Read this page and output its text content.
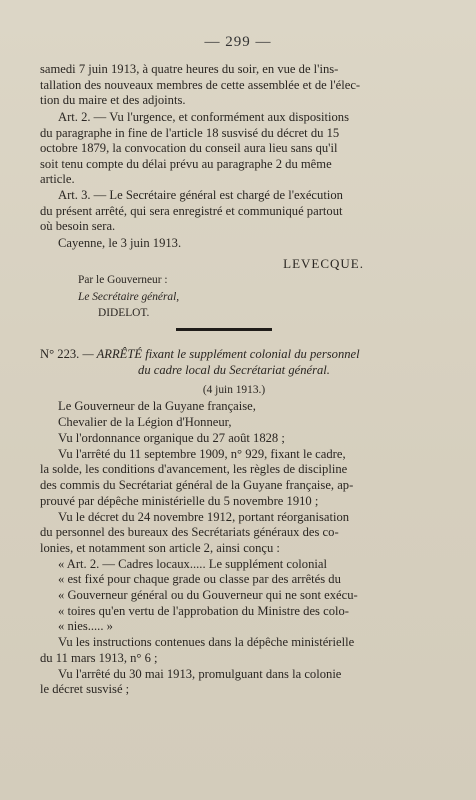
— 299 —
samedi 7 juin 1913, à quatre heures du soir, en vue de l'ins-
tallation des nouveaux membres de cette assemblée et de l'élec-
tion du maire et des adjoints.
Art. 2. — Vu l'urgence, et conformément aux dispositions
du paragraphe in fine de l'article 18 susvisé du décret du 15
octobre 1879, la convocation du conseil aura lieu sans qu'il
soit tenu compte du délai prévu au paragraphe 2 du même
article.
Art. 3. — Le Secrétaire général est chargé de l'exécution
du présent arrêté, qui sera enregistré et communiqué partout
où besoin sera.
Cayenne, le 3 juin 1913.
LEVECQUE.
Par le Gouverneur :
Le Secrétaire général,
DIDELOT.
N° 223. — ARRÊTÉ fixant le supplément colonial du personnel
du cadre local du Secrétariat général.
(4 juin 1913.)
Le Gouverneur de la Guyane française,
Chevalier de la Légion d'Honneur,
Vu l'ordonnance organique du 27 août 1828 ;
Vu l'arrêté du 11 septembre 1909, n° 929, fixant le cadre,
la solde, les conditions d'avancement, les règles de discipline
des commis du Secrétariat général de la Guyane française, ap-
prouvé par dépêche ministérielle du 5 novembre 1910 ;
Vu le décret du 24 novembre 1912, portant réorganisation
du personnel des bureaux des Secrétariats généraux des co-
lonies, et notamment son article 2, ainsi conçu :
« Art. 2. — Cadres locaux..... Le supplément colonial
« est fixé pour chaque grade ou classe par des arrêtés du
« Gouverneur général ou du Gouverneur qui ne sont exécu-
« toires qu'en vertu de l'approbation du Ministre des colo-
« nies..... »
Vu les instructions contenues dans la dépêche ministérielle
du 11 mars 1913, n° 6 ;
Vu l'arrêté du 30 mai 1913, promulguant dans la colonie
le décret susvisé ;
